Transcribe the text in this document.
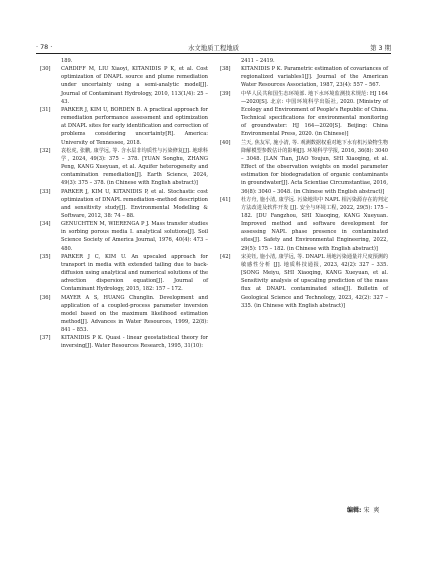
· 78 ·	水文地质工程地质	第 3 期
189.
[30] CARDIFF M, LIU Xiaoyi, KITANIDIS P K, et al. Cost optimization of DNAPL source and plume remediation under uncertainty using a semi-analytic model[J]. Journal of Contaminant Hydrology, 2010, 113(1/4): 25 – 43.
[31] PARKER J, KIM U, BORDEN B. A practical approach for remediation performance assessment and optimization at DNAPL sites for early identification and correction of problems considering uncertainty[R]. America: University of Tennessee, 2018.
[32] 袁松虎, 张鹏, 康学远, 等. 含水层非均质性与污染修复[J]. 地球科学, 2024, 49(3): 375 – 378. [YUAN Songhu, ZHANG Peng, KANG Xueyuan, et al. Aquifer heterogeneity and contamination remediation[J]. Earth Science, 2024, 49(3): 375 – 378. (in Chinese with English abstract)]
[33] PARKER J, KIM U, KITANIDIS P, et al. Stochastic cost optimization of DNAPL remediation–method description and sensitivity study[J]. Environmental Modelling & Software, 2012, 38: 74 – 88.
[34] GENUCHTEN M, WIERENGA P J. Mass transfer studies in sorbing porous media I. analytical solutions[J]. Soil Science Society of America Journal, 1976, 40(4): 473 – 480.
[35] PARKER J C, KIM U. An upscaled approach for transport in media with extended tailing due to back-diffusion using analytical and numerical solutions of the advection dispersion equation[J]. Journal of Contaminant Hydrology, 2015, 182: 157 – 172.
[36] MAYER A S, HUANG Chunglin. Development and application of a coupled-process parameter inversion model based on the maximum likelihood estimation method[J]. Advances in Water Resources, 1999, 22(8): 841 – 853.
[37] KITANIDIS P K. Quasi - linear geostatistical theory for inversing[J]. Water Resources Research, 1995, 31(10):
2411 – 2419.
[38] KITANIDIS P K. Parametric estimation of covariances of regionalized variables1[J]. Journal of the American Water Resources Association, 1987, 23(4): 557 – 567.
[39] 中华人民共和国生态环境部. 地下水环境监测技术规范: HJ 164—2020[S]. 北京: 中国环境科学出版社, 2020. [Ministry of Ecology and Environment of People's Republic of China. Technical specifications for environmental monitoring of groundwater: HJ 164—2020[S]. Beijing: China Environmental Press, 2020. (in Chinese)]
[40] 兰天, 焦友军, 施小清, 等. 观测数据权重对地下水有机污染物生物降解模型参数估计的影响[J]. 环境科学学报, 2016, 36(8): 3040 – 3048. [LAN Tian, JIAO Youjun, SHI Xiaoqing, et al. Effect of the observation weights on model parameter estimation for biodegradation of organic contaminants in groundwater[J]. Acta Scientiae Circumstantiae, 2016, 36(8): 3040 – 3048. (in Chinese with English abstract)]
[41] 杜方舟, 施小清, 康学远. 污染地块中 NAPL 相污染源存在的判定方法改进及软件开发 [J]. 安全与环境工程, 2022, 29(5): 175 – 182. [DU Fangzhou, SHI Xiaoqing, KANG Xueyuan. Improved method and software development for assessing NAPL phase presence in contaminated sites[J]. Safety and Environmental Engineering, 2022, 29(5): 175 – 182. (in Chinese with English abstract)]
[42] 宋美钰, 施小清, 康学远, 等. DNAPL 场地污染通量并尺度预测的敏感性分析 [J]. 地质科技通报, 2023, 42(2): 327 – 335. [SONG Meiyu, SHI Xiaoqing, KANG Xueyuan, et al. Sensitivity analysis of upscaling prediction of the mass flux at DNAPL contaminated sites[J]. Bulletin of Geological Science and Technology, 2023, 42(2): 327 – 335. (in Chinese with English abstract)]
编辑: 宋  爽
